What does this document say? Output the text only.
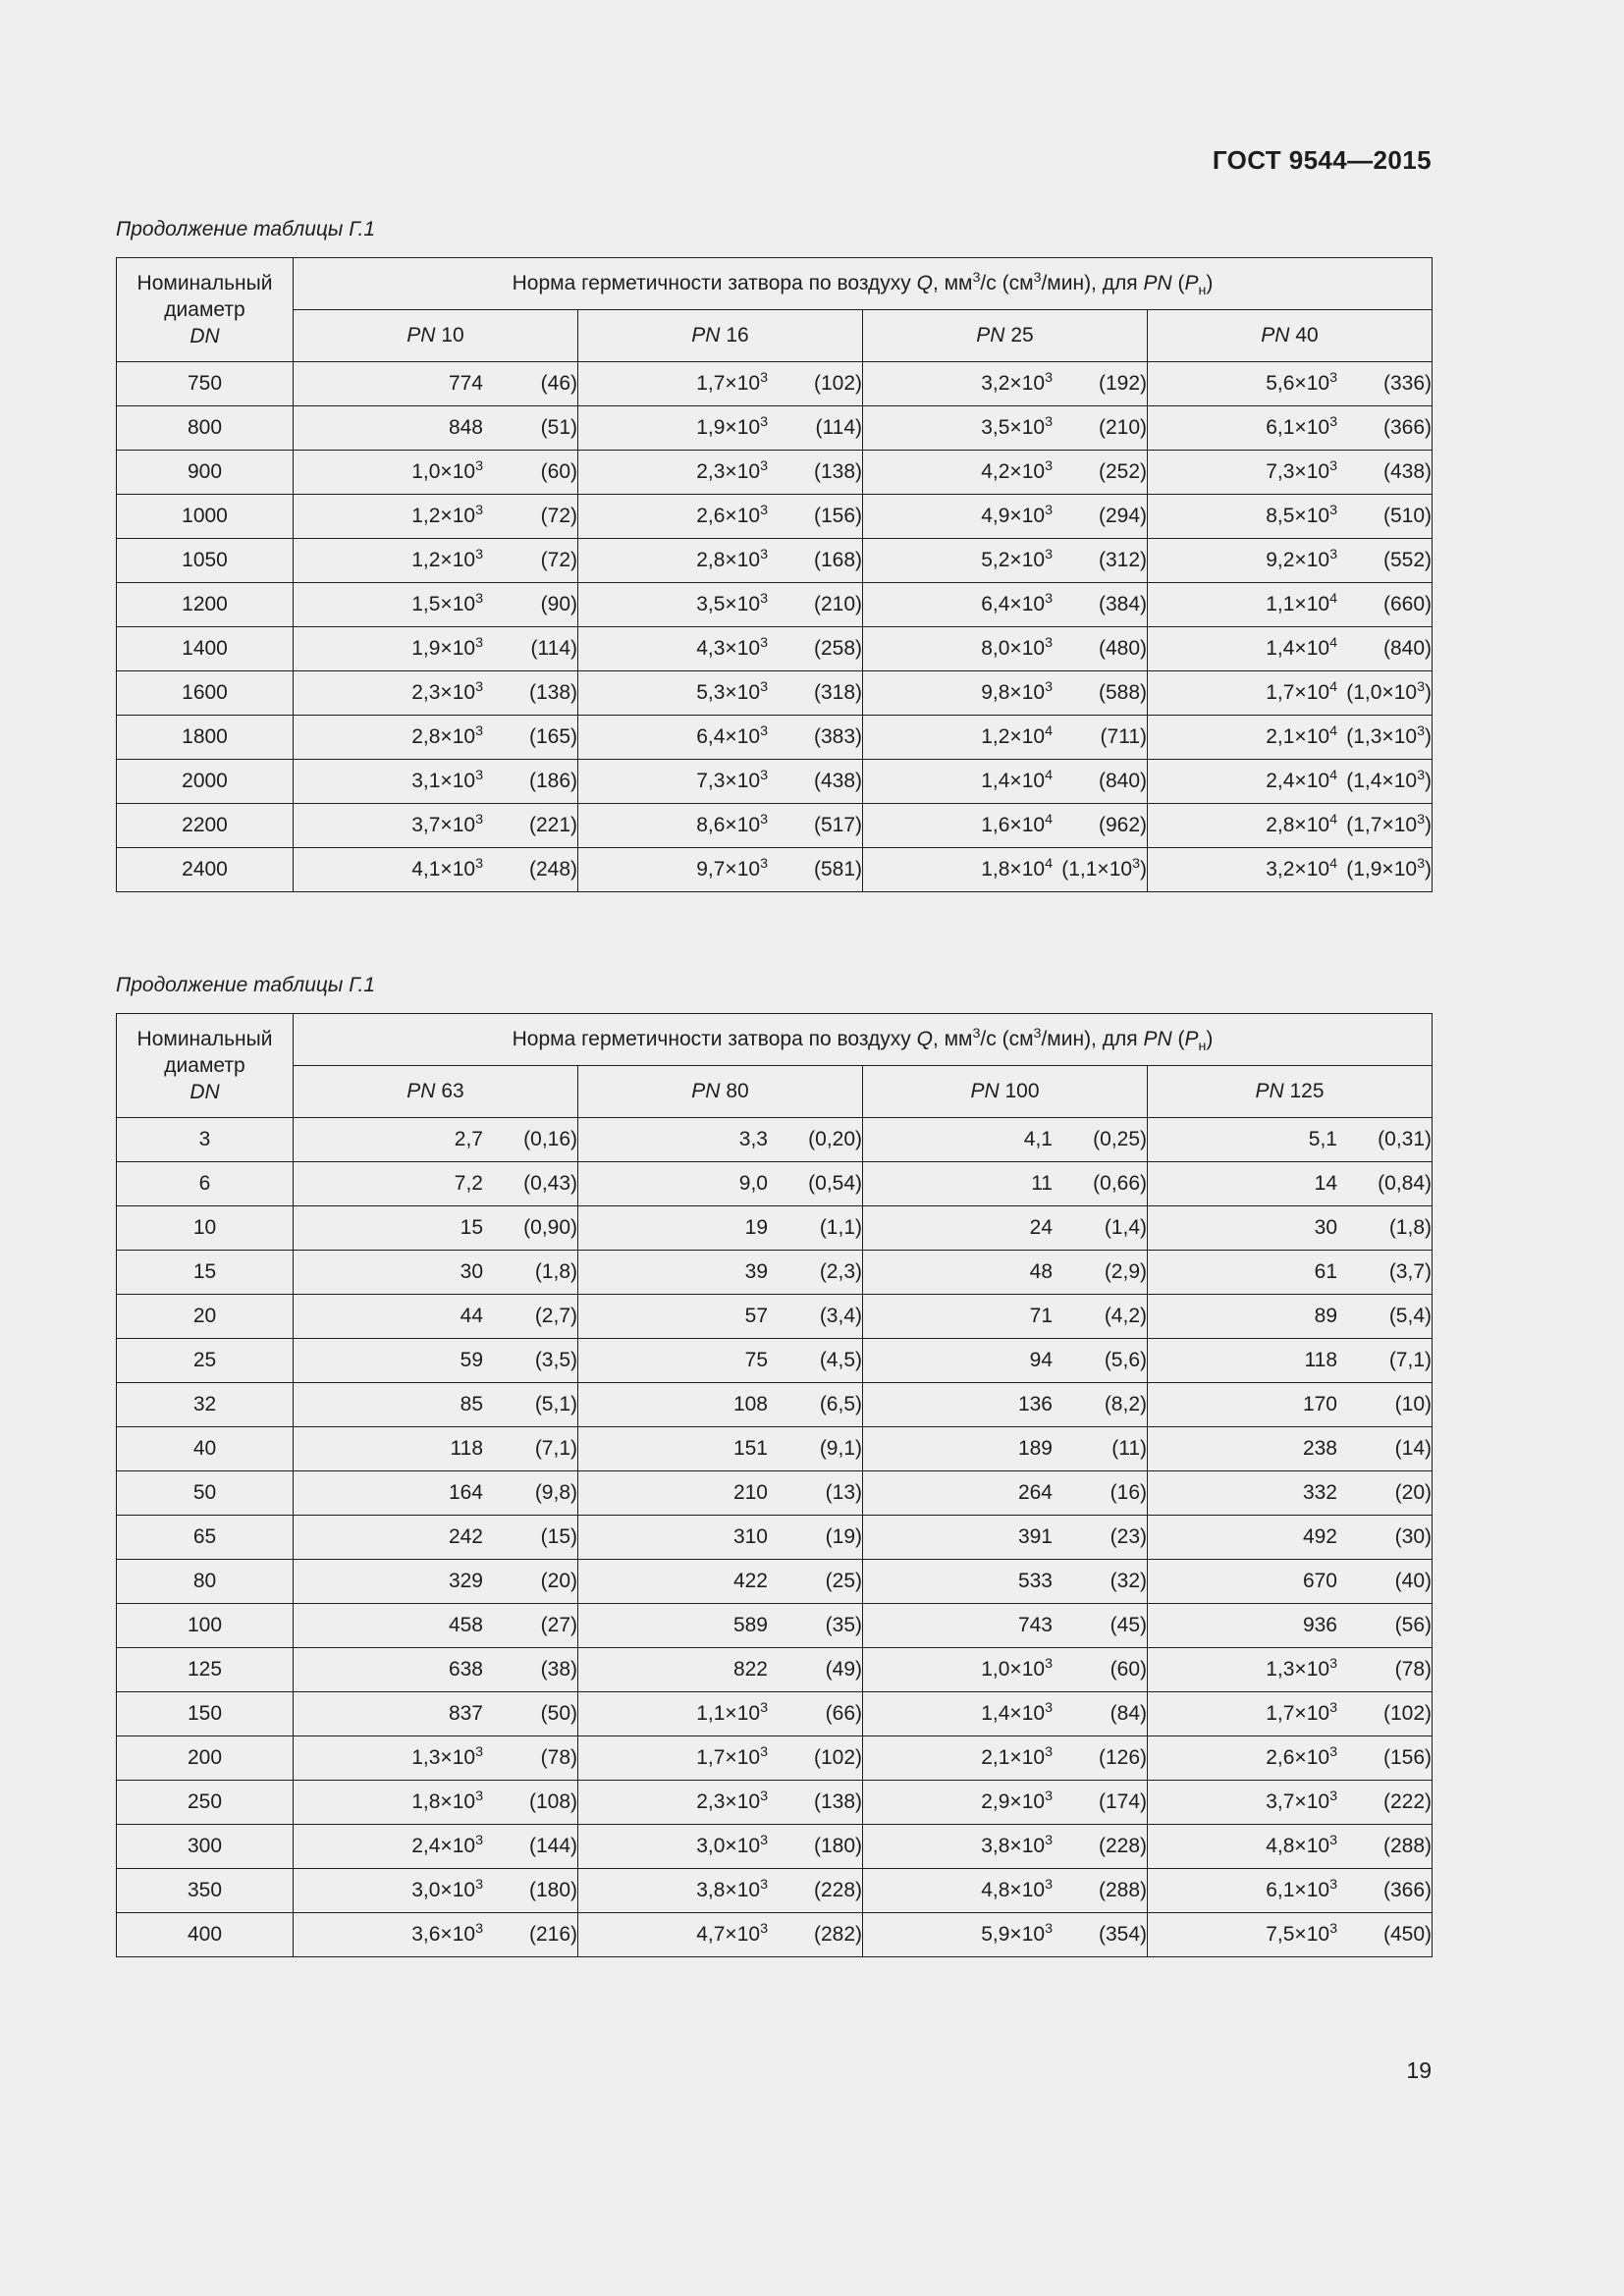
ГОСТ 9544—2015
Продолжение таблицы Г.1
Номинальный
диаметр
DN	Норма герметичности затвора по воздуху Q, $мм^3/с$ $(см^3/мин)$, для PN $(P_н)$			
	PN 10	PN 16	PN 25	PN 40
750	774 (46)	$1,7\times 10^3$ (102)	$3,2\times 10^3$ (192)	$5,6\times 10^3$ (336)

800	848 (51)	$1,9\times 10^3$ (114)	$3,5\times 10^3$ (210)	$6,1\times 10^3$ (366)

900	$1,0\times 10^3$ (60)	$2,3\times 10^3$ (138)	$4,2\times 10^3$ (252)	$7,3\times 10^3$ (438)

1000	$1,2\times 10^3$ (72)	$2,6\times 10^3$ (156)	$4,9\times 10^3$ (294)	$8,5\times 10^3$ (510)

1050	$1,2\times 10^3$ (72)	$2,8\times 10^3$ (168)	$5,2\times 10^3$ (312)	$9,2\times 10^3$ (552)

1200	$1,5\times 10^3$ (90)	$3,5\times 10^3$ (210)	$6,4\times 10^3$ (384)	$1,1\times 10^4$ (660)

1400	$1,9\times 10^3$ (114)	$4,3\times 10^3$ (258)	$8,0\times 10^3$ (480)	$1,4\times 10^4$ (840)

1600	$2,3\times 10^3$ (138)	$5,3\times 10^3$ (318)	$9,8\times 10^3$ (588)	$1,7\times 10^4$ $(1,0\times 10^3)$

1800	$2,8\times 10^3$ (165)	$6,4\times 10^3$ (383)	$1,2\times 10^4$ (711)	$2,1\times 10^4$ $(1,3\times 10^3)$

2000	$3,1\times 10^3$ (186)	$7,3\times 10^3$ (438)	$1,4\times 10^4$ (840)	$2,4\times 10^4$ $(1,4\times 10^3)$

2200	$3,7\times 10^3$ (221)	$8,6\times 10^3$ (517)	$1,6\times 10^4$ (962)	$2,8\times 10^4$ $(1,7\times 10^3)$

2400	$4,1\times 10^3$ (248)	$9,7\times 10^3$ (581)	$1,8\times 10^4$ $(1,1\times 10^3)$	$3,2\times 10^4$ $(1,9\times 10^3)$
Продолжение таблицы Г.1
Номинальный
диаметр
DN	Норма герметичности затвора по воздуху Q, $мм^3/с$ $(см^3/мин)$, для PN $(P_н)$			
	PN 63	PN 80	PN 100	PN 125
3	2,7 (0,16)	3,3 (0,20)	4,1 (0,25)	5,1 (0,31)

6	7,2 (0,43)	9,0 (0,54)	11 (0,66)	14 (0,84)

10	15 (0,90)	19 (1,1)	24 (1,4)	30 (1,8)

15	30 (1,8)	39 (2,3)	48 (2,9)	61 (3,7)

20	44 (2,7)	57 (3,4)	71 (4,2)	89 (5,4)

25	59 (3,5)	75 (4,5)	94 (5,6)	118 (7,1)

32	85 (5,1)	108 (6,5)	136 (8,2)	170 (10)

40	118 (7,1)	151 (9,1)	189 (11)	238 (14)

50	164 (9,8)	210 (13)	264 (16)	332 (20)

65	242 (15)	310 (19)	391 (23)	492 (30)

80	329 (20)	422 (25)	533 (32)	670 (40)

100	458 (27)	589 (35)	743 (45)	936 (56)

125	638 (38)	822 (49)	$1,0\times 10^3$ (60)	$1,3\times 10^3$ (78)

150	837 (50)	$1,1\times 10^3$ (66)	$1,4\times 10^3$ (84)	$1,7\times 10^3$ (102)

200	$1,3\times 10^3$ (78)	$1,7\times 10^3$ (102)	$2,1\times 10^3$ (126)	$2,6\times 10^3$ (156)

250	$1,8\times 10^3$ (108)	$2,3\times 10^3$ (138)	$2,9\times 10^3$ (174)	$3,7\times 10^3$ (222)

300	$2,4\times 10^3$ (144)	$3,0\times 10^3$ (180)	$3,8\times 10^3$ (228)	$4,8\times 10^3$ (288)

350	$3,0\times 10^3$ (180)	$3,8\times 10^3$ (228)	$4,8\times 10^3$ (288)	$6,1\times 10^3$ (366)

400	$3,6\times 10^3$ (216)	$4,7\times 10^3$ (282)	$5,9\times 10^3$ (354)	$7,5\times 10^3$ (450)
19
